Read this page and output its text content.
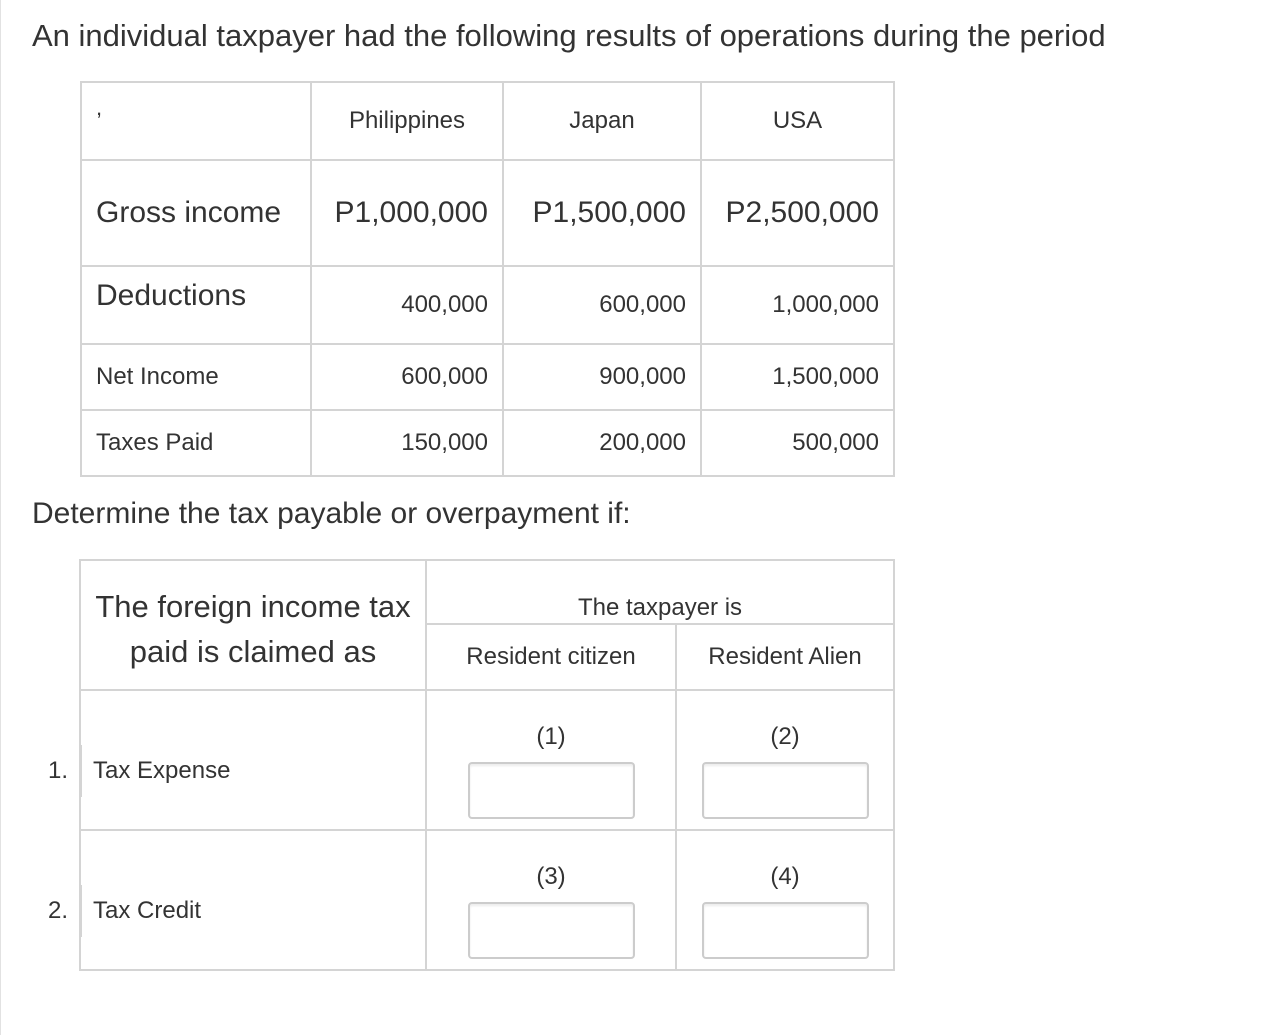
An individual taxpayer had the following results of operations during the period
,	Philippines	Japan	USA
Gross income	P1,000,000	P1,500,000	P2,500,000
Deductions	400,000	600,000	1,000,000
Net Income	600,000	900,000	1,500,000
Taxes Paid	150,000	200,000	500,000
Determine the tax payable or overpayment if:
The foreign income tax paid is claimed as	The taxpayer is	
	Resident citizen	Resident Alien

1. Tax Expense	(1)	(2)

2. Tax Credit	(3)	(4)
